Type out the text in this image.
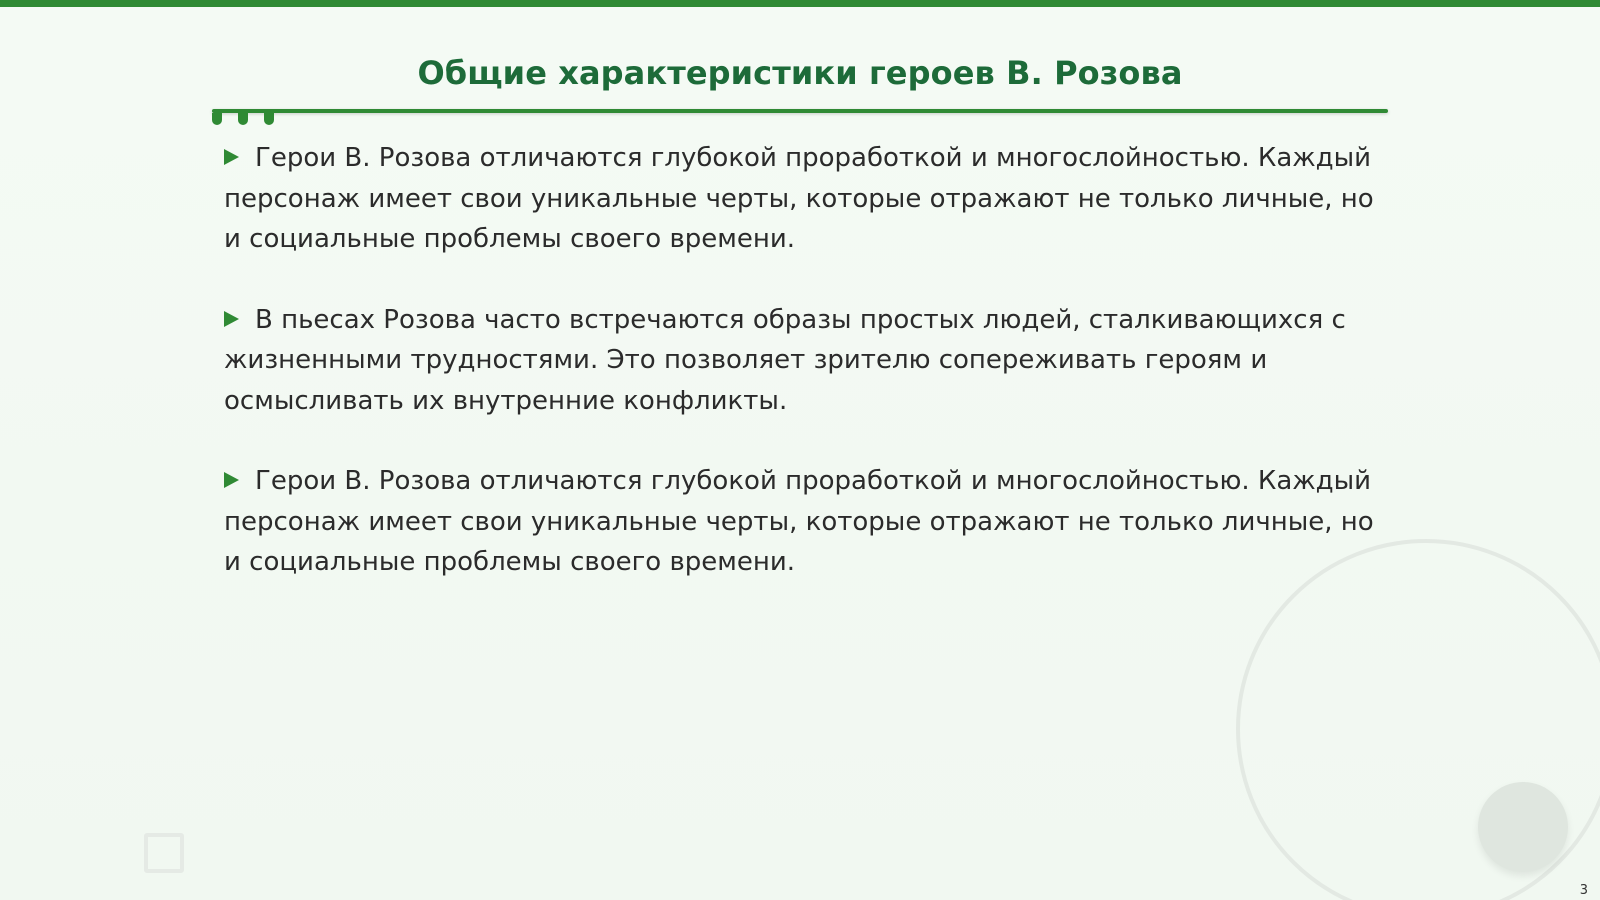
Общие характеристики героев В. Розова
Герои В. Розова отличаются глубокой проработкой и многослойностью. Каждый персонаж имеет свои уникальные черты, которые отражают не только личные, но и социальные проблемы своего времени.
В пьесах Розова часто встречаются образы простых людей, сталкивающихся с жизненными трудностями. Это позволяет зрителю сопереживать героям и осмысливать их внутренние конфликты.
Герои В. Розова отличаются глубокой проработкой и многослойностью. Каждый персонаж имеет свои уникальные черты, которые отражают не только личные, но и социальные проблемы своего времени.
3
